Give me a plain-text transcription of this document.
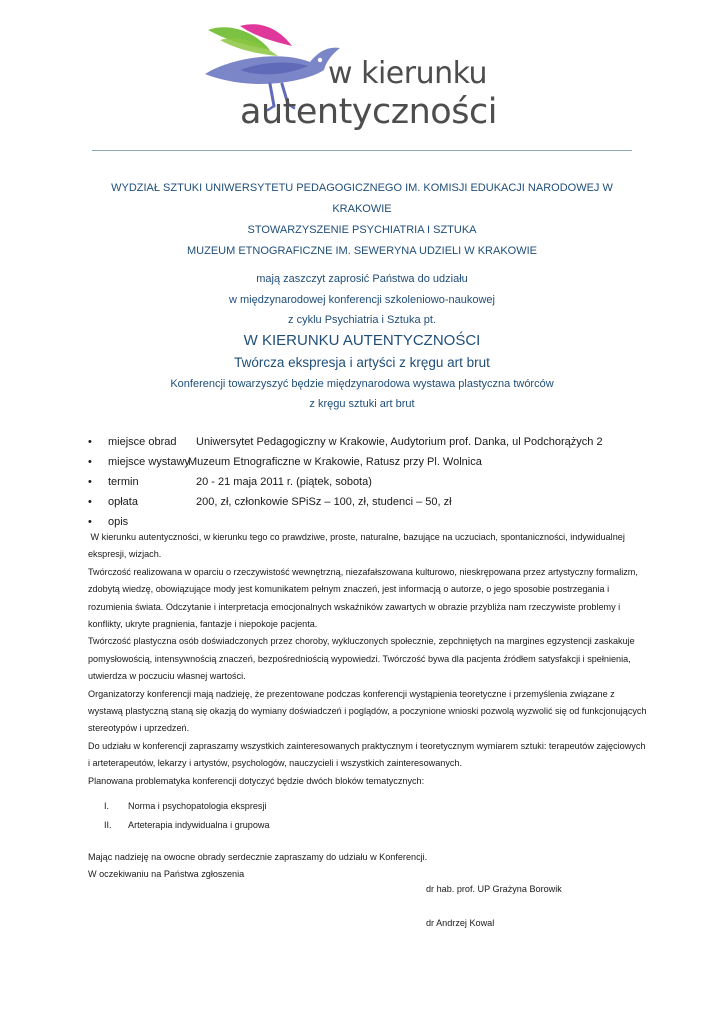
w kierunku
autentyczności
WYDZIAŁ SZTUKI UNIWERSYTETU PEDAGOGICZNEGO IM. KOMISJI EDUKACJI NARODOWEJ W
KRAKOWIE
STOWARZYSZENIE PSYCHIATRIA I SZTUKA
MUZEUM ETNOGRAFICZNE IM. SEWERYNA UDZIELI W KRAKOWIE
mają zaszczyt zaprosić Państwa do udziału
w międzynarodowej konferencji szkoleniowo-naukowej
z cyklu Psychiatria i Sztuka pt.
W KIERUNKU AUTENTYCZNOŚCI
Twórcza ekspresja i artyści z kręgu art brut
Konferencji towarzyszyć będzie międzynarodowa wystawa plastyczna twórców
z kręgu sztuki art brut
• miejsce obrad Uniwersytet Pedagogiczny w Krakowie, Audytorium prof. Danka, ul Podchorążych 2
• miejsce wystawyMuzeum Etnograficzne w Krakowie, Ratusz przy Pl. Wolnica
• termin	20 - 21 maja 2011 r. (piątek, sobota)
• opłata	200, zł, członkowie SPiSz – 100, zł, studenci – 50, zł
• opis

W kierunku autentyczności, w kierunku tego co prawdziwe, proste, naturalne, bazujące na uczuciach, spontaniczności, indywidualnej ekspresji, wizjach.

Twórczość realizowana w oparciu o rzeczywistość wewnętrzną, niezafałszowana kulturowo, nieskrępowana przez artystyczny formalizm, zdobytą wiedzę, obowiązujące mody jest komunikatem pełnym znaczeń, jest informacją o autorze, o jego sposobie postrzegania i rozumienia świata. Odczytanie i interpretacja emocjonalnych wskaźników zawartych w obrazie przybliża nam rzeczywiste problemy i konflikty, ukryte pragnienia, fantazje i niepokoje pacjenta.

Twórczość plastyczna osób doświadczonych przez choroby, wykluczonych społecznie, zepchniętych na margines egzystencji zaskakuje pomysłowością, intensywnością znaczeń, bezpośredniością wypowiedzi. Twórczość bywa dla pacjenta źródłem satysfakcji i spełnienia, utwierdza w poczuciu własnej wartości.

Organizatorzy konferencji mają nadzieję, że prezentowane podczas konferencji wystąpienia teoretyczne i przemyślenia związane z wystawą plastyczną staną się okazją do wymiany doświadczeń i poglądów, a poczynione wnioski pozwolą wyzwolić się od funkcjonujących stereotypów i uprzedzeń.

Do udziału w konferencji zapraszamy wszystkich zainteresowanych praktycznym i teoretycznym wymiarem sztuki: terapeutów zajęciowych i arteterapeutów, lekarzy i artystów, psychologów, nauczycieli i wszystkich zainteresowanych.

Planowana problematyka konferencji dotyczyć będzie dwóch bloków tematycznych:

I. Norma i psychopatologia ekspresji
II. Arteterapia indywidualna i grupowa

Mając nadzieję na owocne obrady serdecznie zapraszamy do udziału w Konferencji.

W oczekiwaniu na Państwa zgłoszenia

dr hab. prof. UP Grażyna Borowik
dr Andrzej Kowal
